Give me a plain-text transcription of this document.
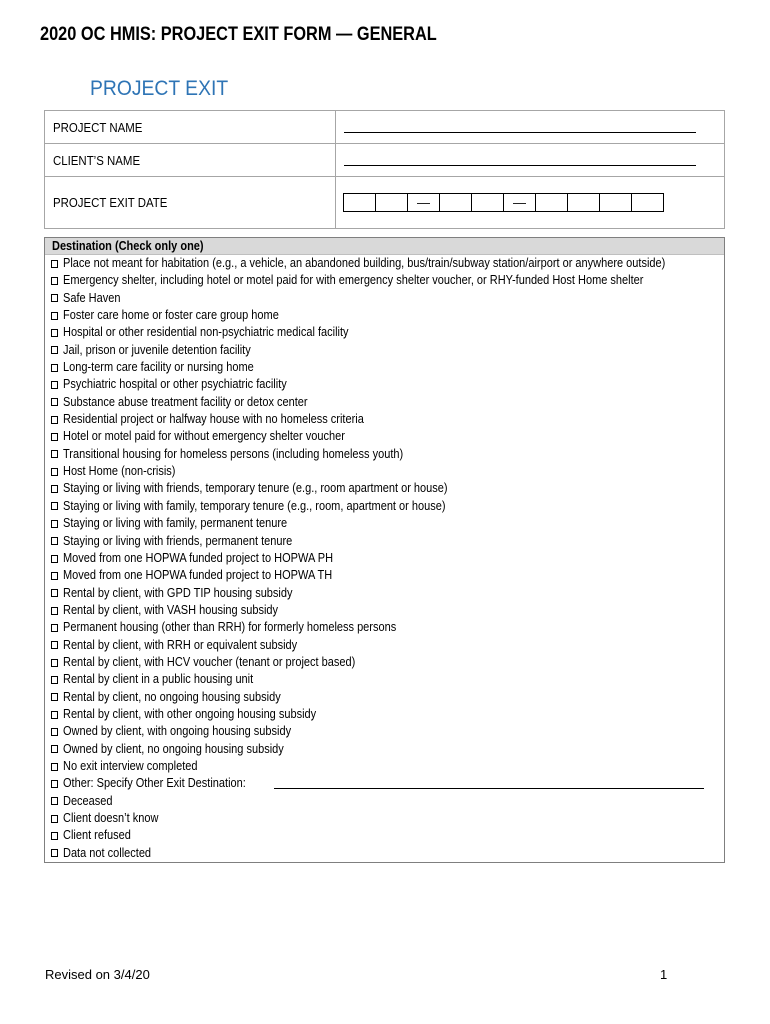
2020 OC HMIS: PROJECT EXIT FORM — GENERAL
PROJECT EXIT
PROJECT NAME	
CLIENT’S NAME	
PROJECT EXIT DATE	— —
Destination (Check only one)
Place not meant for habitation (e.g., a vehicle, an abandoned building, bus/train/subway station/airport or anywhere outside)
Emergency shelter, including hotel or motel paid for with emergency shelter voucher, or RHY-funded Host Home shelter
Safe Haven
Foster care home or foster care group home
Hospital or other residential non-psychiatric medical facility
Jail, prison or juvenile detention facility
Long-term care facility or nursing home
Psychiatric hospital or other psychiatric facility
Substance abuse treatment facility or detox center
Residential project or halfway house with no homeless criteria
Hotel or motel paid for without emergency shelter voucher
Transitional housing for homeless persons (including homeless youth)
Host Home (non-crisis)
Staying or living with friends, temporary tenure (e.g., room apartment or house)
Staying or living with family, temporary tenure (e.g., room, apartment or house)
Staying or living with family, permanent tenure
Staying or living with friends, permanent tenure
Moved from one HOPWA funded project to HOPWA PH
Moved from one HOPWA funded project to HOPWA TH
Rental by client, with GPD TIP housing subsidy
Rental by client, with VASH housing subsidy
Permanent housing (other than RRH) for formerly homeless persons
Rental by client, with RRH or equivalent subsidy
Rental by client, with HCV voucher (tenant or project based)
Rental by client in a public housing unit
Rental by client, no ongoing housing subsidy
Rental by client, with other ongoing housing subsidy
Owned by client, with ongoing housing subsidy
Owned by client, no ongoing housing subsidy
No exit interview completed
Other: Specify Other Exit Destination:
Deceased
Client doesn’t know
Client refused
Data not collected
Revised on 3/4/20	1
